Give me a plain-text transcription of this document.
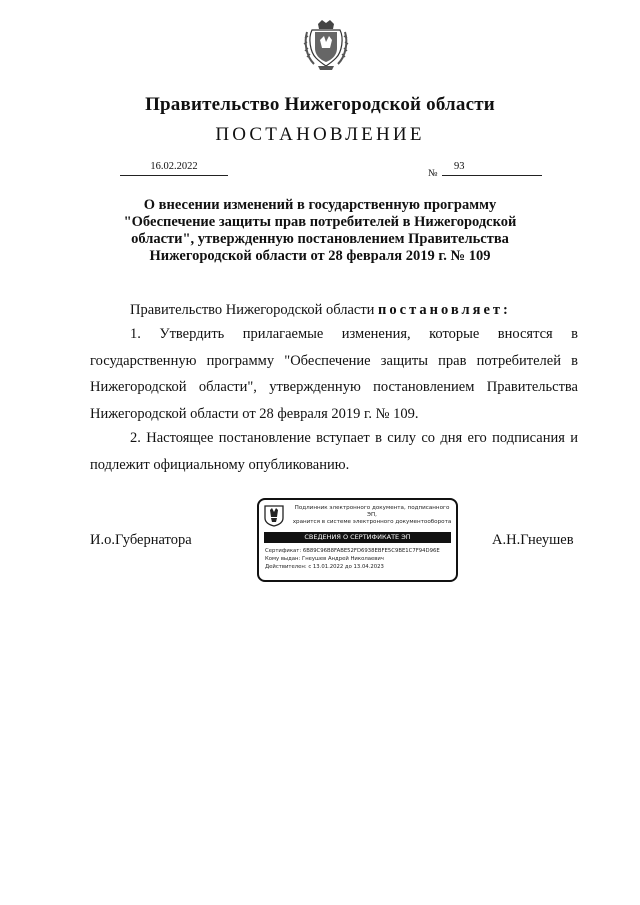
Правительство Нижегородской области
ПОСТАНОВЛЕНИЕ
16.02.2022
№
93
О внесении изменений в государственную программу
"Обеспечение защиты прав потребителей в Нижегородской
области", утвержденную постановлением Правительства
Нижегородской области от 28 февраля 2019 г. № 109
Правительство Нижегородской области постановляет:
1. Утвердить прилагаемые изменения, которые вносятся в государственную программу "Обеспечение защиты прав потребителей в Нижегородской области", утвержденную постановлением Правительства Нижегородской области от 28 февраля 2019 г. № 109.
2. Настоящее постановление вступает в силу со дня его подписания и подлежит официальному опубликованию.
И.о.Губернатора	А.Н.Гнеушев
Подлинник электронного документа, подписанного ЭП,
хранится в системе электронного документооборота
СВЕДЕНИЯ О СЕРТИФИКАТЕ ЭП
Сертификат: 6B89C96B8FABE52FD6938EBFE5C9BE1C7F94D96E
Кому выдан: Гнеушев Андрей Николаевич
Действителен: с 13.01.2022 до 13.04.2023
